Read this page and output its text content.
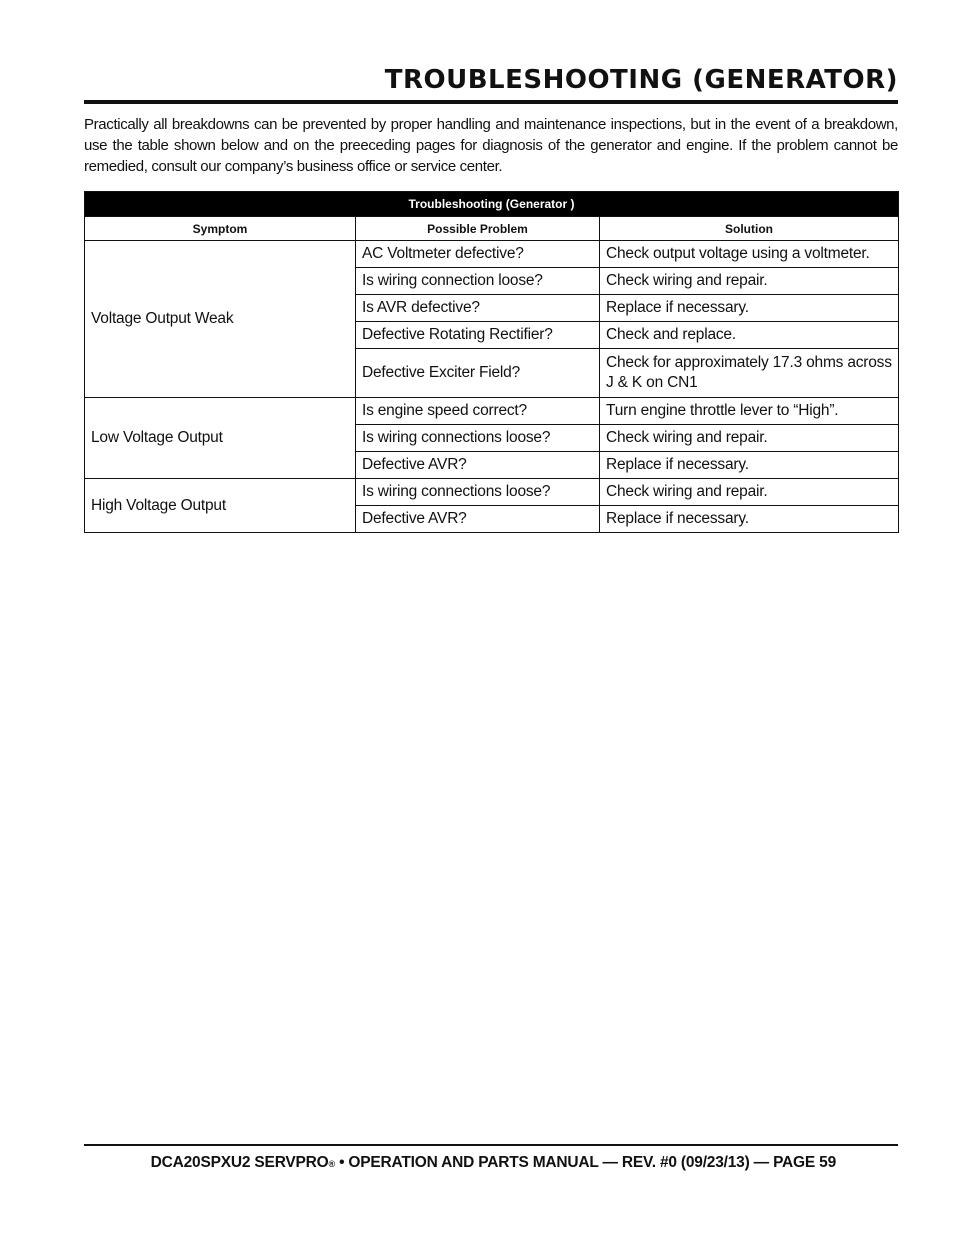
TROUBLESHOOTING (GENERATOR)

Practically all breakdowns can be prevented by proper handling and maintenance inspections, but in the event of a breakdown, use the table shown below and on the preeceding pages for diagnosis of the generator and engine. If the problem cannot be remedied, consult our company’s business office or service center.

Troubleshooting (Generator )		
Symptom	Possible Problem	Solution
Voltage Output Weak	AC Voltmeter defective?	Check output voltage using a voltmeter.
	Is wiring connection loose?	Check wiring and repair.
	Is AVR defective?	Replace if necessary.
	Defective Rotating Rectifier?	Check and replace.
	Defective Exciter Field?	Check for approximately 17.3 ohms across J & K on CN1
Low Voltage Output	Is engine speed correct?	Turn engine throttle lever to “High”.
	Is wiring connections loose?	Check wiring and repair.
	Defective AVR?	Replace if necessary.
High Voltage Output	Is wiring connections loose?	Check wiring and repair.
	Defective AVR?	Replace if necessary.
DCA20SPXU2 SERVPRO® • OPERATION AND PARTS MANUAL — REV. #0 (09/23/13) — PAGE 59
